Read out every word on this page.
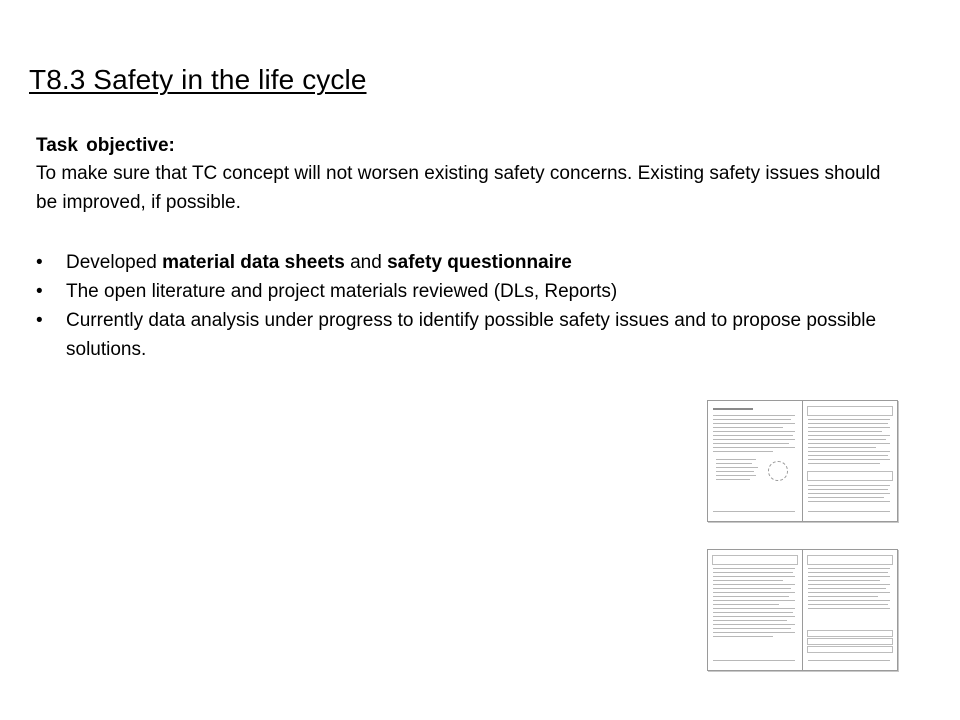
T8.3 Safety in the life cycle
Task objective:
To make sure that TC concept will not worsen existing safety concerns. Existing safety issues should be improved, if possible.
• Developed material data sheets and safety questionnaire
• The open literature and project materials reviewed (DLs, Reports)
• Currently data analysis under progress to identify possible safety issues and to propose possible solutions.
